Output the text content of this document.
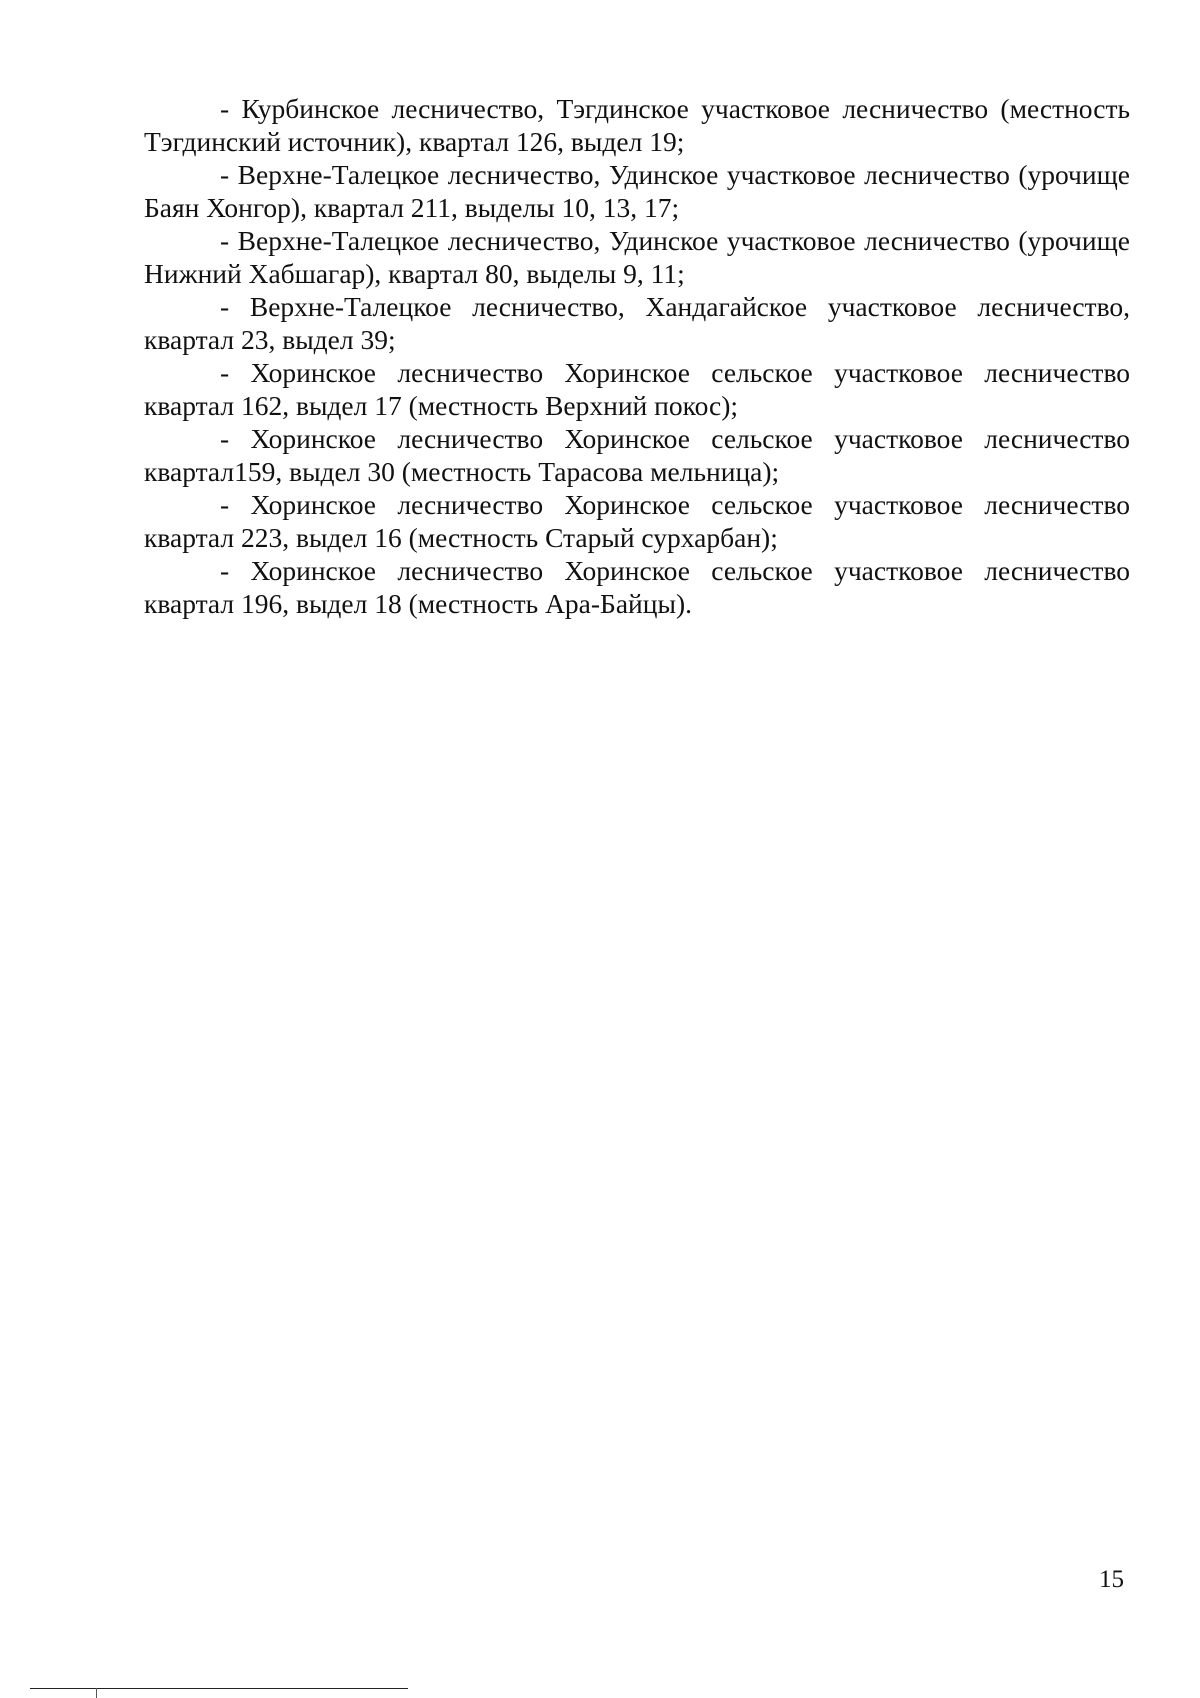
- Курбинское лесничество, Тэгдинское участковое лесничество (местность Тэгдинский источник), квартал 126, выдел 19;

- Верхне-Талецкое лесничество, Удинское участковое лесничество (урочище Баян Хонгор), квартал 211, выделы 10, 13, 17;

- Верхне-Талецкое лесничество, Удинское участковое лесничество (урочище Нижний Хабшагар), квартал 80, выделы 9, 11;

- Верхне-Талецкое лесничество, Хандагайское участковое лесничество, квартал 23, выдел 39;

- Хоринское лесничество Хоринское сельское участковое лесничество квартал 162, выдел 17 (местность Верхний покос);

- Хоринское лесничество Хоринское сельское участковое лесничество квартал159, выдел 30 (местность Тарасова мельница);

- Хоринское лесничество Хоринское сельское участковое лесничество квартал 223, выдел 16 (местность Старый сурхарбан);

- Хоринское лесничество Хоринское сельское участковое лесничество квартал 196, выдел 18 (местность Ара-Байцы).

15
